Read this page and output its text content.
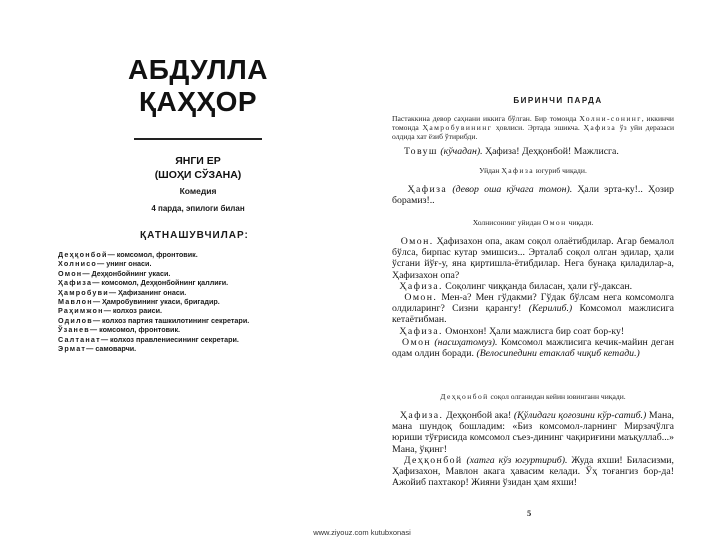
АБДУЛЛА
ҚАҲҲОР
ЯНГИ ЕР
(ШОҲИ СЎЗАНА)
Комедия
4 пардa, эпилоги билан
ҚАТНАШУВЧИЛАР:
Деҳқонбой— комсомол, фронтовик.
Холнисо— унинг онаси.
Омон— Деҳқонбойнинг укаси.
Ҳафиза— комсомол, Деҳқонбойнинг қаллиғи.
Ҳамробуви— Ҳафизанинг онаси.
Мавлон— Ҳамробувининг укаси, бригадир.
Раҳимжон— колхоз раиси.
Одилов— колхоз партия ташкилотининг секретари.
Ўзанев— комсомол, фронтовик.
Салтанат— колхоз правлениесининг секретари.
Эрмат— самоварчи.
БИРИНЧИ ПАРДА
Пастаккина девор саҳнани иккига бўлган. Бир томонда Холни-сонинг, иккинчи томонда Ҳамробувининг ҳовлиси. Эртада эшикча. Ҳафиза ўз уйи деразаси олдида хат ёзиб ўтирибди.
Товуш (кўчадан). Ҳафиза! Деҳқонбой! Мажлисга.
Уйдан Ҳафиза югуриб чиқади.
Ҳафиза (девор оша кўчага томон). Ҳали эрта-ку!.. Ҳозир борамиз!..
Холнисонинг уйидан Омон чиқади.
Омон. Ҳафизахон опа, акам соқол олаётибдилар. Агар бемалол бўлса, бирпас кутар эмишсиз... Эрталаб соқол олган эдилар, ҳали ўсгани йўғ-у, яна қиртишла-ётибдилар. Нега бунақа қиладилар-а, Ҳафизахон опа?
Ҳафиза. Соқолинг чиққанда биласан, ҳали гў-даксан.
Омон. Мен-а? Мен гўдакми? Гўдак бўлсам нега комсомолга олдиларинг? Сизни қарангу! (Керилиб.) Комсомол мажлисига кетаётибман.
Ҳафиза. Омонхон! Ҳали мажлисга бир соат бор-ку!
Омон (насиҳатомуз). Комсомол мажлисига кечик-майин деган одам олдин боради. (Велосипедини етаклаб чиқиб кетади.)
Деҳқонбой соқол олганидан кейин ювинганн чиқади.
Ҳафиза. Деҳқонбой ака! (Қўлидаги қоғозини кўр-сатиб.) Мана, мана шундоқ бошладим: «Биз комсомол-ларнинг Мирзачўлга юриши тўғрисида комсомол съез-дининг чақириғини маъқуллаб...» Мана, ўқинг!
Деҳқонбой (хатга кўз югуртириб). Жуда яхши! Биласизми, Ҳафизахон, Мавлон акага ҳавасим келади. Ўҳ тоғангиз бор-да! Ажойиб пахтакор! Жияни ўзидан ҳам яхши!
5
www.ziyouz.com kutubxonasi
